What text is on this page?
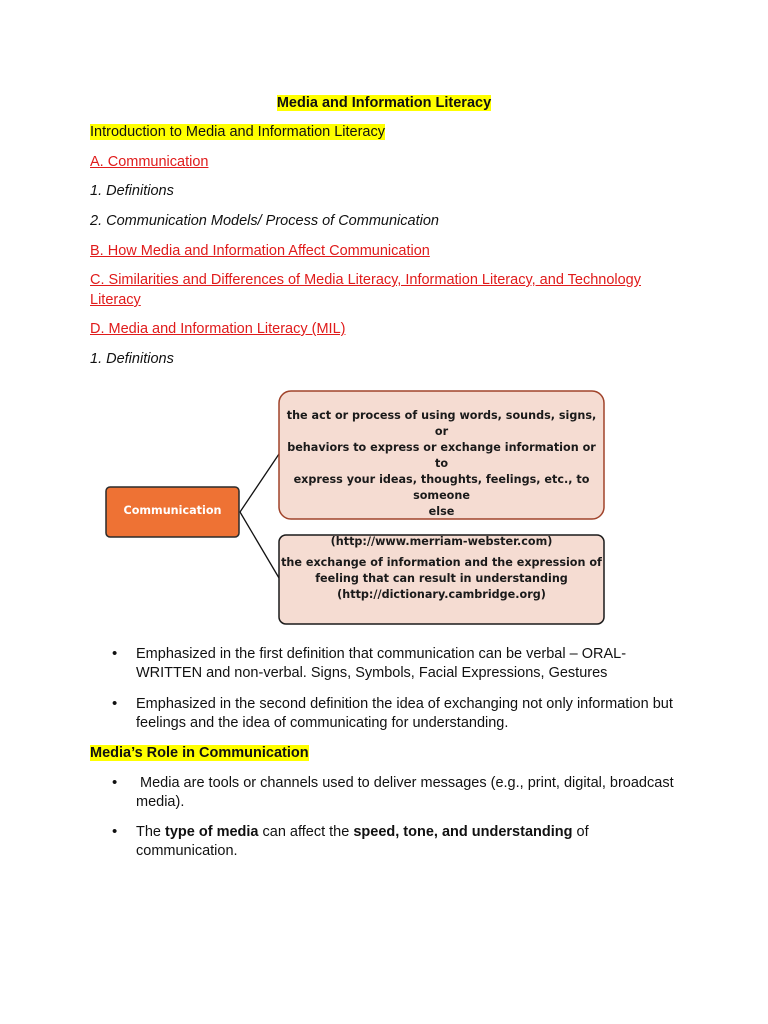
Media and Information Literacy
Introduction to Media and Information Literacy
A. Communication
1. Definitions
2. Communication Models/ Process of Communication
B. How Media and Information Affect Communication
C. Similarities and Differences of Media Literacy, Information Literacy, and Technology
Literacy
D. Media and Information Literacy (MIL)
1. Definitions
Communication
the act or process of using words, sounds, signs, or
behaviors to express or exchange information or to
express your ideas, thoughts, feelings, etc., to someone
else
(http://www.merriam-webster.com)
the exchange of information and the expression of
feeling that can result in understanding
(http://dictionary.cambridge.org)
• Emphasized in the first definition that communication can be verbal – ORAL-WRITTEN and non-verbal. Signs, Symbols, Facial Expressions, Gestures
• Emphasized in the second definition the idea of exchanging not only information but feelings and the idea of communicating for understanding.
Media’s Role in Communication
• Media are tools or channels used to deliver messages (e.g., print, digital, broadcast media).
• The type of media can affect the speed, tone, and understanding of communication.
